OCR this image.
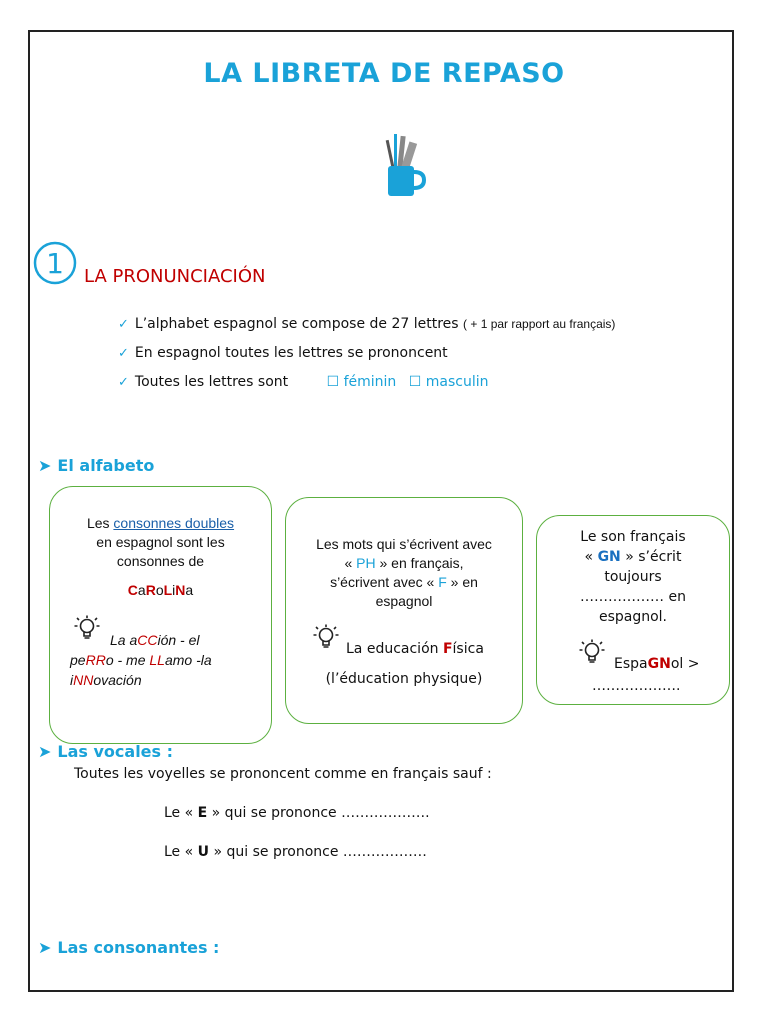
LA LIBRETA DE REPASO
1 LA PRONUNCIACIÓN
✓ L’alphabet espagnol se compose de 27 lettres ( + 1 par rapport au français)
✓ En espagnol toutes les lettres se prononcent
✓ Toutes les lettres sont	☐ féminin ☐ masculin
➤ El alfabeto
Les consonnes doubles
en espagnol sont les
consonnes de
CaRoLiNa
La aCCión - el
peRRo - me LLamo -la
iNNovación
Les mots qui s’écrivent avec
« PH » en français,
s’écrivent avec « F » en
espagnol
La educación Física
(l’éducation physique)
Le son français
« GN » s’écrit
toujours
……………… en
espagnol.
EspaGNol >
……………….
➤ Las vocales :
Toutes les voyelles se prononcent comme en français sauf :
Le « E » qui se prononce ……………….
Le « U » qui se prononce ………………
➤ Las consonantes :
